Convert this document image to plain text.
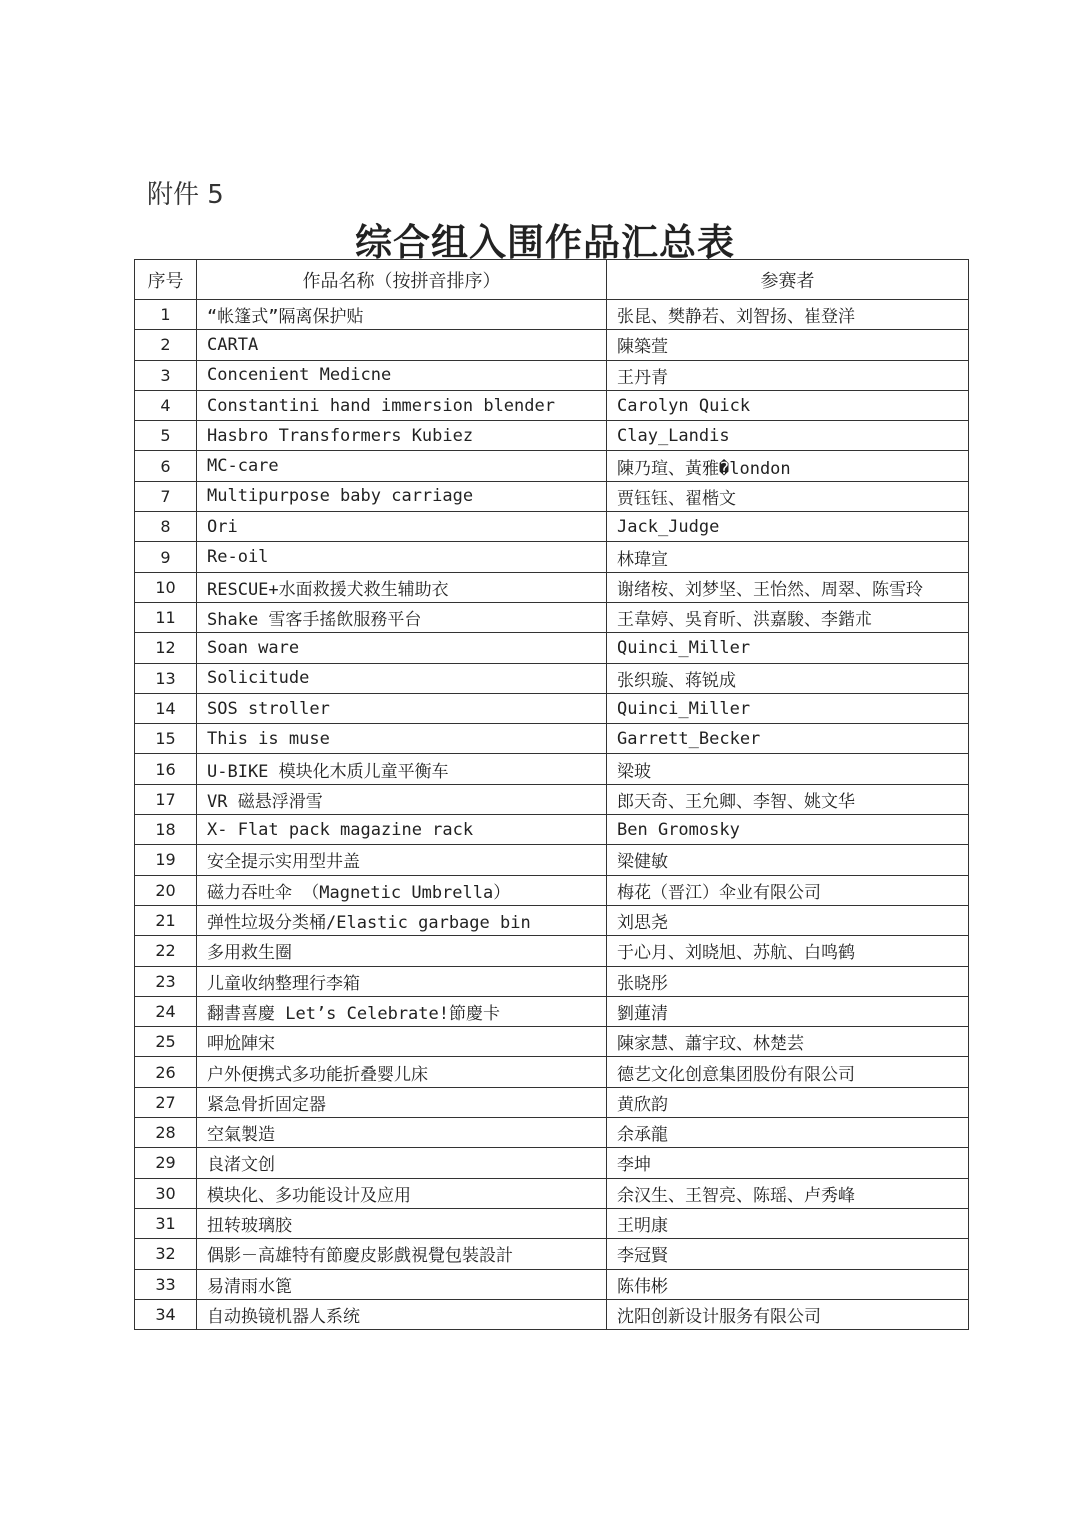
附件 5
综合组入围作品汇总表
序号	作品名称（按拼音排序）	参赛者
1	“帐篷式”隔离保护贴	张昆、樊静若、刘智扬、崔登洋
2	CARTA	陳築萱
3	Concenient Medicne	王丹青
4	Constantini hand immersion blender	Carolyn Quick
5	Hasbro Transformers Kubiez	Clay_Landis
6	MC-care	陳乃瑄、黃雅�london
7	Multipurpose baby carriage	贾钰钰、翟楷文
8	Ori	Jack_Judge
9	Re-oil	林瑋宣
10	RESCUE+水面救援犬救生辅助衣	谢绪桉、刘梦坚、王怡然、周翠、陈雪玲
11	Shake 雪客手搖飲服務平台	王韋婷、吳育昕、洪嘉駿、李鍇朮
12	Soan ware	Quinci_Miller
13	Solicitude	张织璇、蒋锐成
14	SOS stroller	Quinci_Miller
15	This is muse	Garrett_Becker
16	U-BIKE 模块化木质儿童平衡车	梁玻
17	VR 磁悬浮滑雪	郎天奇、王允卿、李智、姚文华
18	X- Flat pack magazine rack	Ben Gromosky
19	安全提示实用型井盖	梁健敏
20	磁力吞吐伞 （Magnetic Umbrella）	梅花（晋江）伞业有限公司
21	弹性垃圾分类桶/Elastic garbage bin	刘思尧
22	多用救生圈	于心月、刘晓旭、苏航、白鸣鹤
23	儿童收纳整理行李箱	张晓彤
24	翻書喜慶 Let’s Celebrate!節慶卡	劉蓮清
25	呷尬陣宋	陳家慧、蕭宇玟、林楚芸
26	户外便携式多功能折叠婴儿床	德艺文化创意集团股份有限公司
27	紧急骨折固定器	黄欣韵
28	空氣製造	余承龍
29	良渚文创	李坤
30	模块化、多功能设计及应用	余汉生、王智亮、陈瑶、卢秀峰
31	扭转玻璃胶	王明康
32	偶影－高雄特有節慶皮影戲視覺包裝設計	李冠賢
33	易清雨水篦	陈伟彬
34	自动换镜机器人系统	沈阳创新设计服务有限公司
